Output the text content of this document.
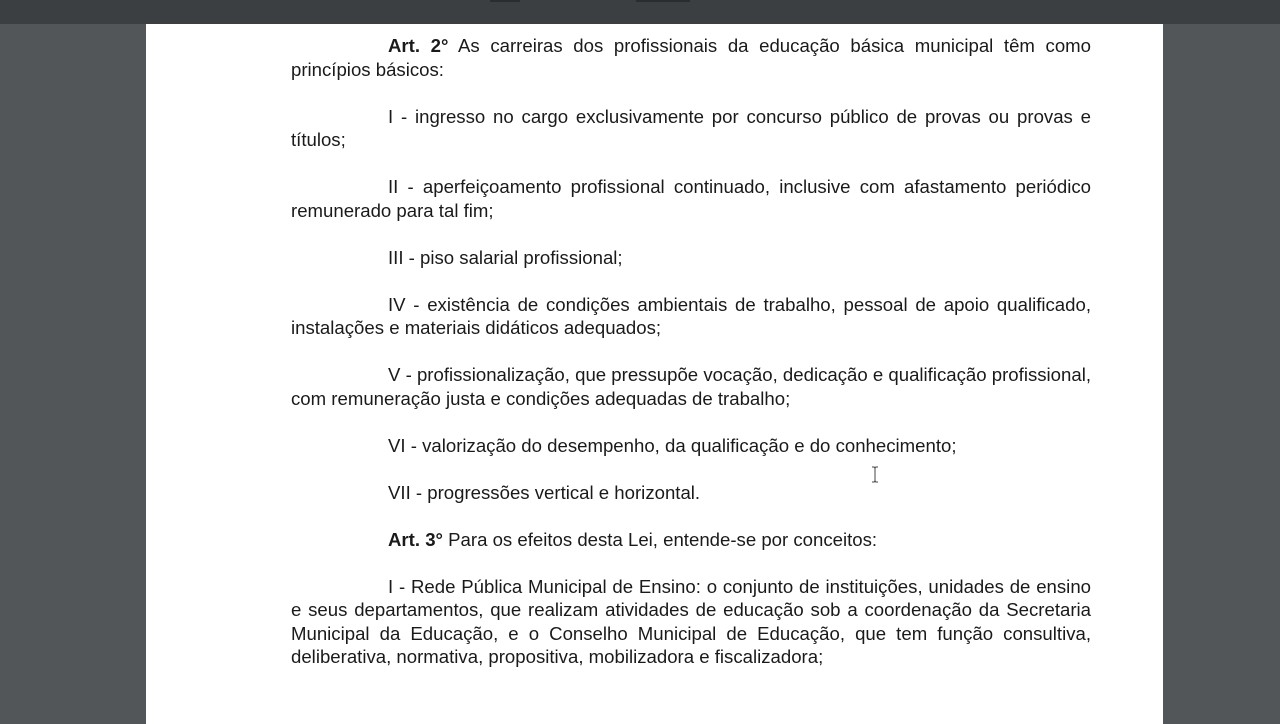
Art. 2° As carreiras dos profissionais da educação básica municipal têm como princípios básicos:

I - ingresso no cargo exclusivamente por concurso público de provas ou provas e títulos;

II - aperfeiçoamento profissional continuado, inclusive com afastamento periódico remunerado para tal fim;

III - piso salarial profissional;

IV - existência de condições ambientais de trabalho, pessoal de apoio qualificado, instalações e materiais didáticos adequados;

V - profissionalização, que pressupõe vocação, dedicação e qualificação profissional, com remuneração justa e condições adequadas de trabalho;

VI - valorização do desempenho, da qualificação e do conhecimento;

VII - progressões vertical e horizontal.

Art. 3° Para os efeitos desta Lei, entende-se por conceitos:

I - Rede Pública Municipal de Ensino: o conjunto de instituições, unidades de ensino e seus departamentos, que realizam atividades de educação sob a coordenação da Secretaria Municipal da Educação, e o Conselho Municipal de Educação, que tem função consultiva, deliberativa, normativa, propositiva, mobilizadora e fiscalizadora;
